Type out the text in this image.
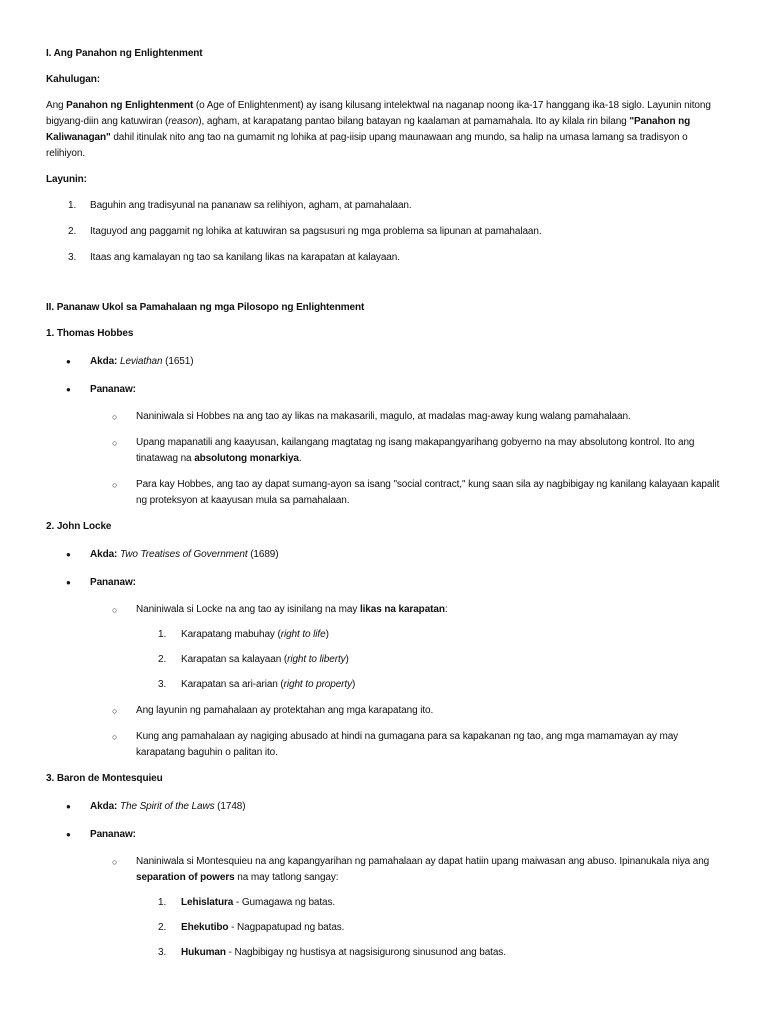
I. Ang Panahon ng Enlightenment

Kahulugan:

Ang Panahon ng Enlightenment (o Age of Enlightenment) ay isang kilusang intelektwal na naganap noong ika-17 hanggang ika-18 siglo. Layunin nitong bigyang-diin ang katuwiran (reason), agham, at karapatang pantao bilang batayan ng kaalaman at pamamahala. Ito ay kilala rin bilang "Panahon ng Kaliwanagan" dahil itinulak nito ang tao na gumamit ng lohika at pag-iisip upang maunawaan ang mundo, sa halip na umasa lamang sa tradisyon o relihiyon.

Layunin:

1. Baguhin ang tradisyunal na pananaw sa relihiyon, agham, at pamahalaan.
2. Itaguyod ang paggamit ng lohika at katuwiran sa pagsusuri ng mga problema sa lipunan at pamahalaan.
3. Itaas ang kamalayan ng tao sa kanilang likas na karapatan at kalayaan.

II. Pananaw Ukol sa Pamahalaan ng mga Pilosopo ng Enlightenment

1. Thomas Hobbes

● Akda: Leviathan (1651)
● Pananaw:
○ Naniniwala si Hobbes na ang tao ay likas na makasarili, magulo, at madalas mag-away kung walang pamahalaan.
○ Upang mapanatili ang kaayusan, kailangang magtatag ng isang makapangyarihang gobyerno na may absolutong kontrol. Ito ang tinatawag na absolutong monarkiya.
○ Para kay Hobbes, ang tao ay dapat sumang-ayon sa isang "social contract," kung saan sila ay nagbibigay ng kanilang kalayaan kapalit ng proteksyon at kaayusan mula sa pamahalaan.

2. John Locke

● Akda: Two Treatises of Government (1689)
● Pananaw:
○ Naniniwala si Locke na ang tao ay isinilang na may likas na karapatan:
1. Karapatang mabuhay (right to life)
2. Karapatan sa kalayaan (right to liberty)
3. Karapatan sa ari-arian (right to property)
○ Ang layunin ng pamahalaan ay protektahan ang mga karapatang ito.
○ Kung ang pamahalaan ay nagiging abusado at hindi na gumagana para sa kapakanan ng tao, ang mga mamamayan ay may karapatang baguhin o palitan ito.

3. Baron de Montesquieu

● Akda: The Spirit of the Laws (1748)
● Pananaw:
○ Naniniwala si Montesquieu na ang kapangyarihan ng pamahalaan ay dapat hatiin upang maiwasan ang abuso. Ipinanukala niya ang separation of powers na may tatlong sangay:
1. Lehislatura - Gumagawa ng batas.
2. Ehekutibo - Nagpapatupad ng batas.
3. Hukuman - Nagbibigay ng hustisya at nagsisigurong sinusunod ang batas.
